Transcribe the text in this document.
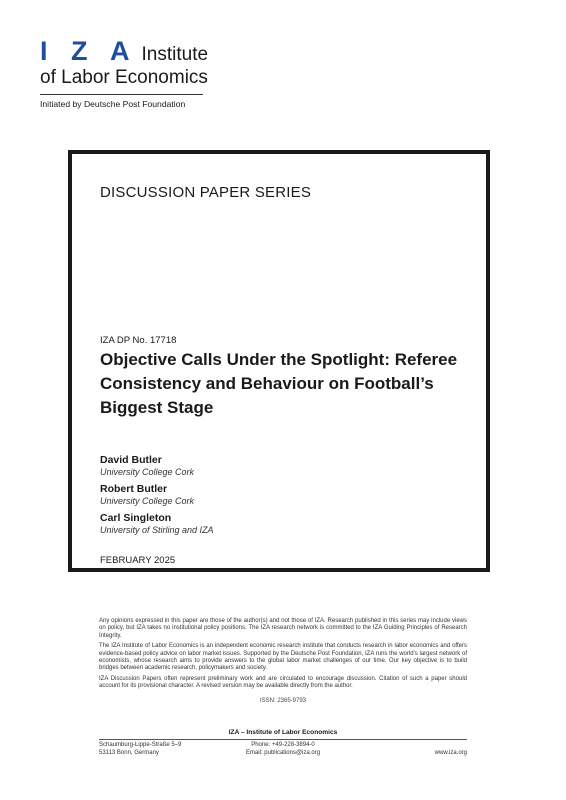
I Z A Institute
of Labor Economics
Initiated by Deutsche Post Foundation
DISCUSSION PAPER SERIES
IZA DP No. 17718
Objective Calls Under the Spotlight: Referee Consistency and Behaviour on Football’s Biggest Stage
David Butler
University College Cork
Robert Butler
University College Cork
Carl Singleton
University of Stirling and IZA
FEBRUARY 2025

Any opinions expressed in this paper are those of the author(s) and not those of IZA. Research published in this series may include views on policy, but IZA takes no institutional policy positions. The IZA research network is committed to the IZA Guiding Principles of Research Integrity.

The IZA Institute of Labor Economics is an independent economic research institute that conducts research in labor economics and offers evidence-based policy advice on labor market issues. Supported by the Deutsche Post Foundation, IZA runs the world’s largest network of economists, whose research aims to provide answers to the global labor market challenges of our time. Our key objective is to build bridges between academic research, policymakers and society.

IZA Discussion Papers often represent preliminary work and are circulated to encourage discussion. Citation of such a paper should account for its provisional character. A revised version may be available directly from the author.

ISSN: 2365-9793
IZA – Institute of Labor Economics
Schaumburg-Lippe-Straße 5–9
53113 Bonn, Germany
Phone: +49-228-3894-0
Email: publications@iza.org	www.iza.org
